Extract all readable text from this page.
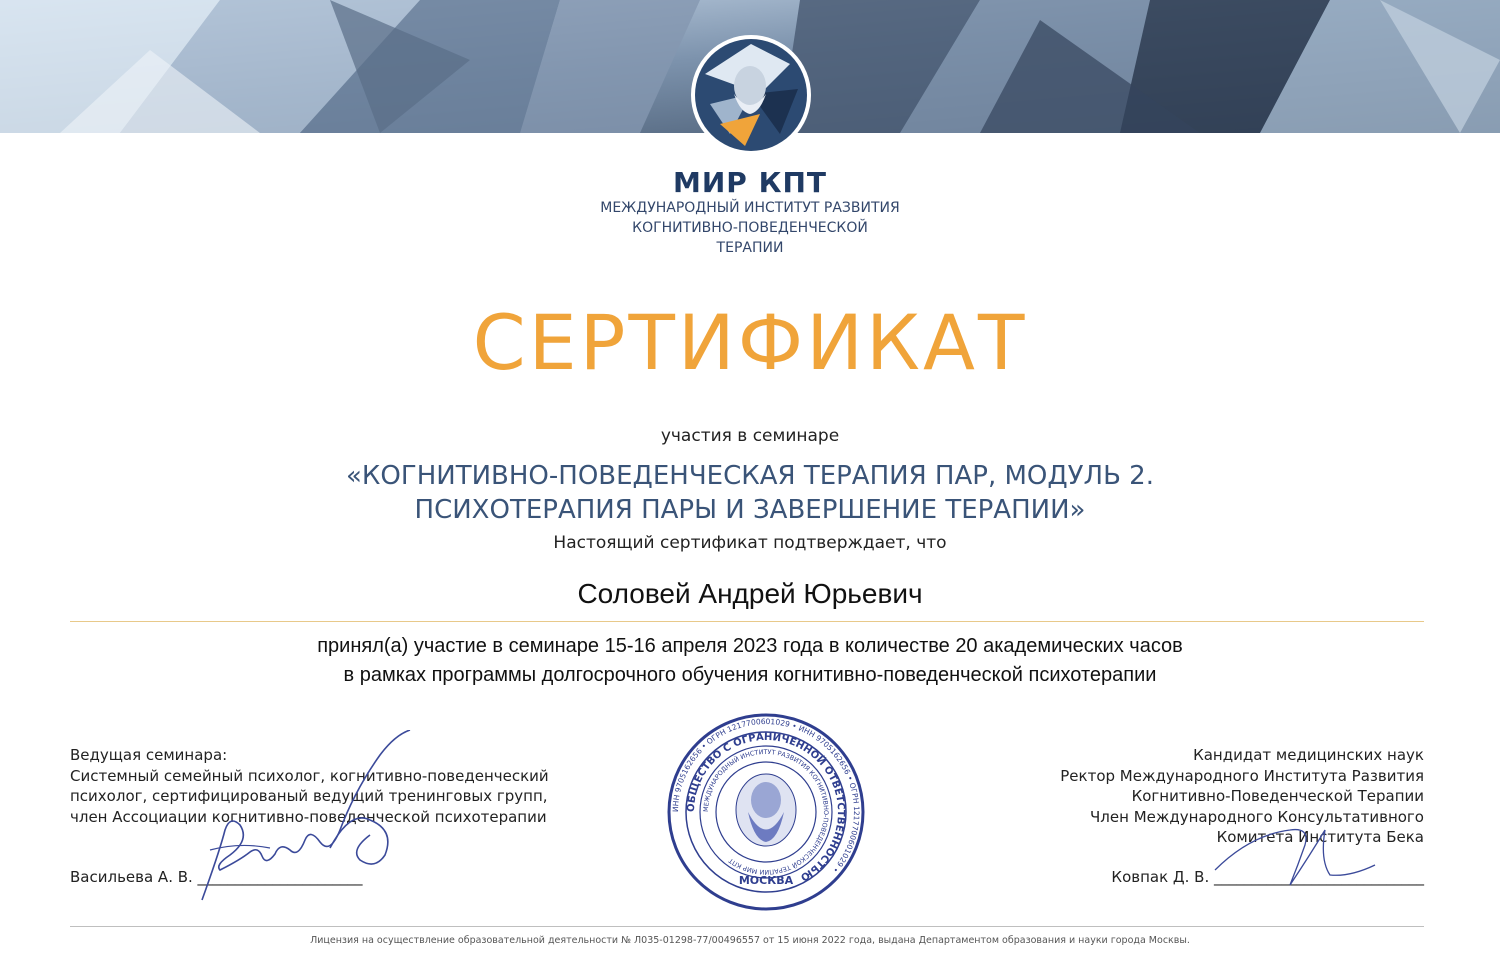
МИР КПТ
МЕЖДУНАРОДНЫЙ ИНСТИТУТ РАЗВИТИЯ
КОГНИТИВНО-ПОВЕДЕНЧЕСКОЙ
ТЕРАПИИ
СЕРТИФИКАТ
участия в семинаре
«КОГНИТИВНО-ПОВЕДЕНЧЕСКАЯ ТЕРАПИЯ ПАР, МОДУЛЬ 2.
ПСИХОТЕРАПИЯ ПАРЫ И ЗАВЕРШЕНИЕ ТЕРАПИИ»
Настоящий сертификат подтверждает, что
Соловей Андрей Юрьевич
принял(а) участие в семинаре 15-16 апреля 2023 года в количестве 20 академических часов
в рамках программы долгосрочного обучения когнитивно-поведенческой психотерапии
Ведущая семинара:
Системный семейный психолог, когнитивно-поведенческий
психолог, сертифицированый ведущий тренинговых групп,
член Ассоциации когнитивно-поведенческой психотерапии
Васильева А. В. ______________________
ИНН 9705162656 • ОГРН 1217700601029 • ИНН 9705162656 • ОГРН 1217700601029 •
ОБЩЕСТВО С ОГРАНИЧЕННОЙ ОТВЕТСТВЕННОСТЬЮ
МЕЖДУНАРОДНЫЙ ИНСТИТУТ РАЗВИТИЯ КОГНИТИВНО-ПОВЕДЕНЧЕСКОЙ ТЕРАПИИ МИР КПТ
МОСКВА
Кандидат медицинских наук
Ректор Международного Института Развития
Когнитивно-Поведенческой Терапии
Член Международного Консультативного
Комитета Института Бека
Ковпак Д. В. ____________________________
Лицензия на осуществление образовательной деятельности № Л035-01298-77/00496557 от 15 июня 2022 года, выдана Департаментом образования и науки города Москвы.
